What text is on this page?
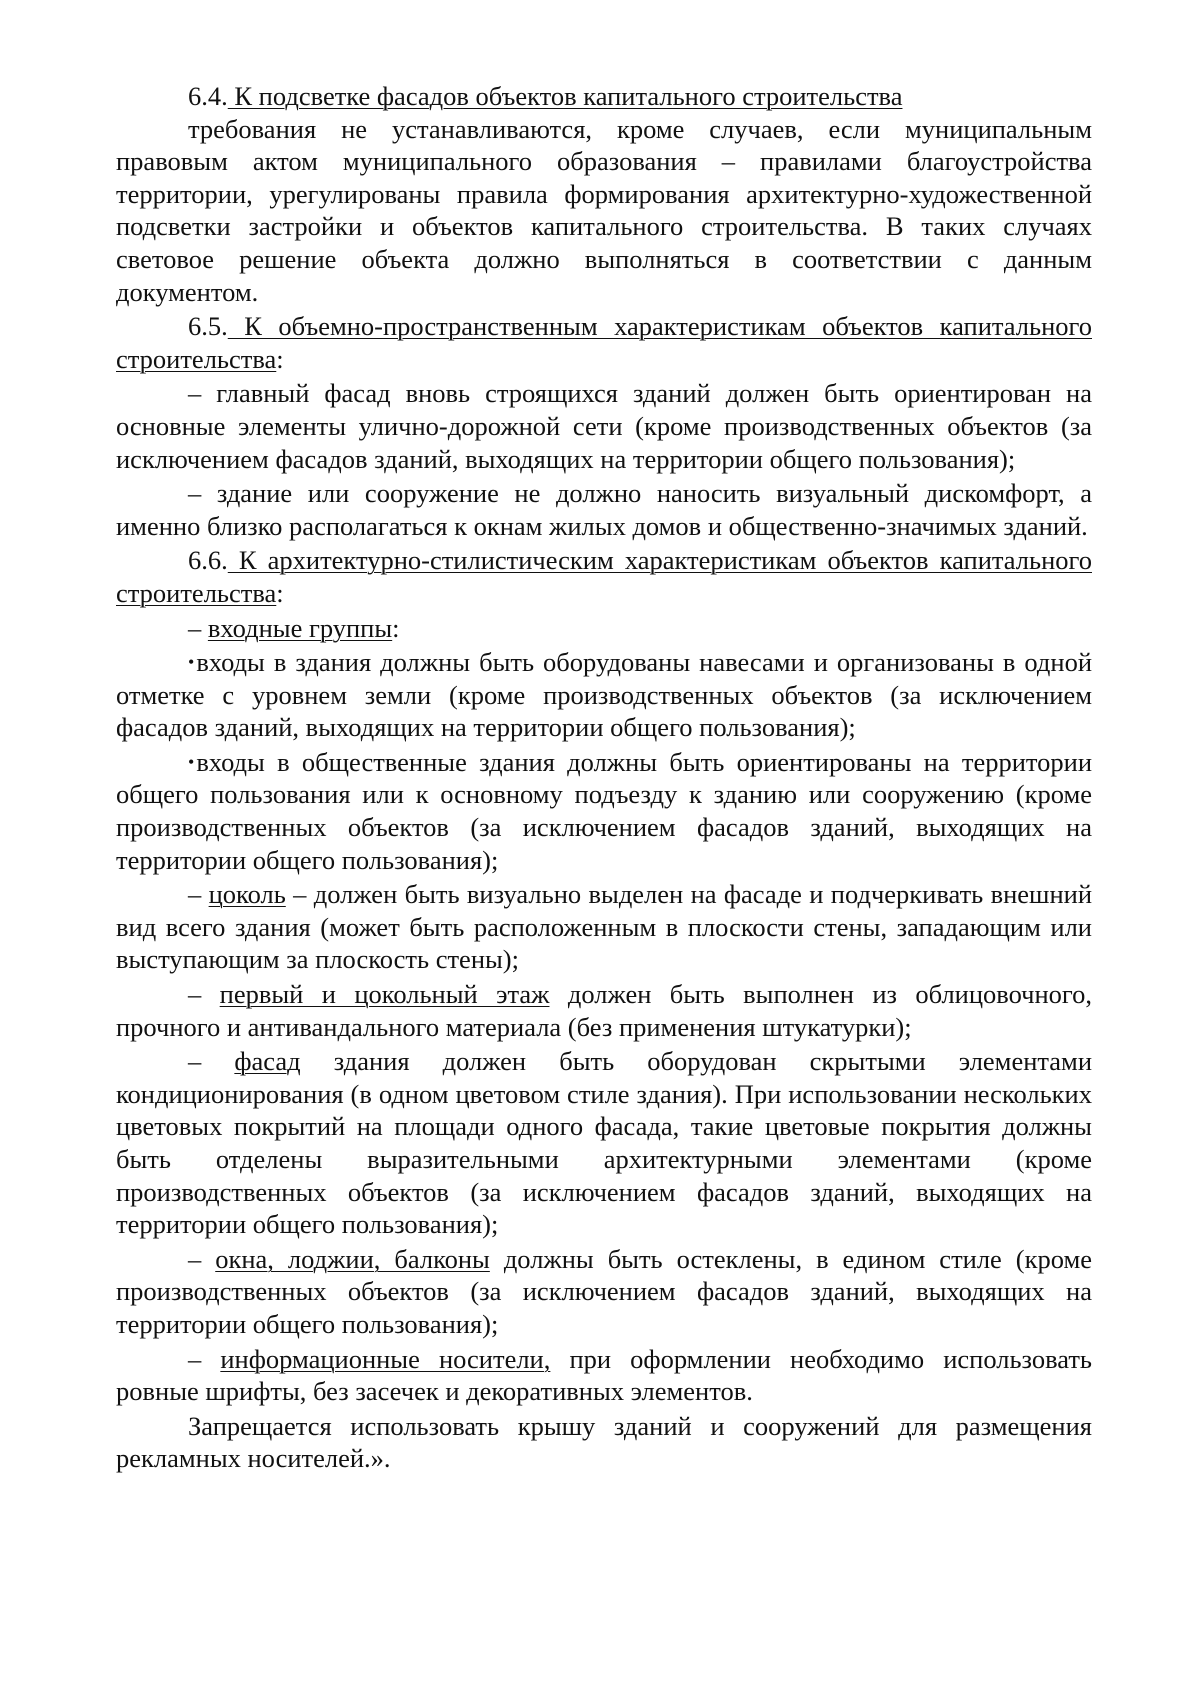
6.4. К подсветке фасадов объектов капитального строительства

требования не устанавливаются, кроме случаев, если муниципальным правовым актом муниципального образования – правилами благоустройства территории, урегулированы правила формирования архитектурно-художественной подсветки застройки и объектов капитального строительства. В таких случаях световое решение объекта должно выполняться в соответствии с данным документом.

6.5. К объемно-пространственным характеристикам объектов капитального строительства:

– главный фасад вновь строящихся зданий должен быть ориентирован на основные элементы улично-дорожной сети (кроме производственных объектов (за исключением фасадов зданий, выходящих на территории общего пользования);

– здание или сооружение не должно наносить визуальный дискомфорт, а именно близко располагаться к окнам жилых домов и общественно-значимых зданий.

6.6. К архитектурно-стилистическим характеристикам объектов капитального строительства:

– входные группы:

•входы в здания должны быть оборудованы навесами и организованы в одной отметке с уровнем земли (кроме производственных объектов (за исключением фасадов зданий, выходящих на территории общего пользования);

•входы в общественные здания должны быть ориентированы на территории общего пользования или к основному подъезду к зданию или сооружению (кроме производственных объектов (за исключением фасадов зданий, выходящих на территории общего пользования);

– цоколь – должен быть визуально выделен на фасаде и подчеркивать внешний вид всего здания (может быть расположенным в плоскости стены, западающим или выступающим за плоскость стены);

– первый и цокольный этаж должен быть выполнен из облицовочного, прочного и антивандального материала (без применения штукатурки);

– фасад здания должен быть оборудован скрытыми элементами кондиционирования (в одном цветовом стиле здания). При использовании нескольких цветовых покрытий на площади одного фасада, такие цветовые покрытия должны быть отделены выразительными архитектурными элементами (кроме производственных объектов (за исключением фасадов зданий, выходящих на территории общего пользования);

– окна, лоджии, балконы должны быть остеклены, в едином стиле (кроме производственных объектов (за исключением фасадов зданий, выходящих на территории общего пользования);

– информационные носители, при оформлении необходимо использовать ровные шрифты, без засечек и декоративных элементов.

Запрещается использовать крышу зданий и сооружений для размещения рекламных носителей.».
